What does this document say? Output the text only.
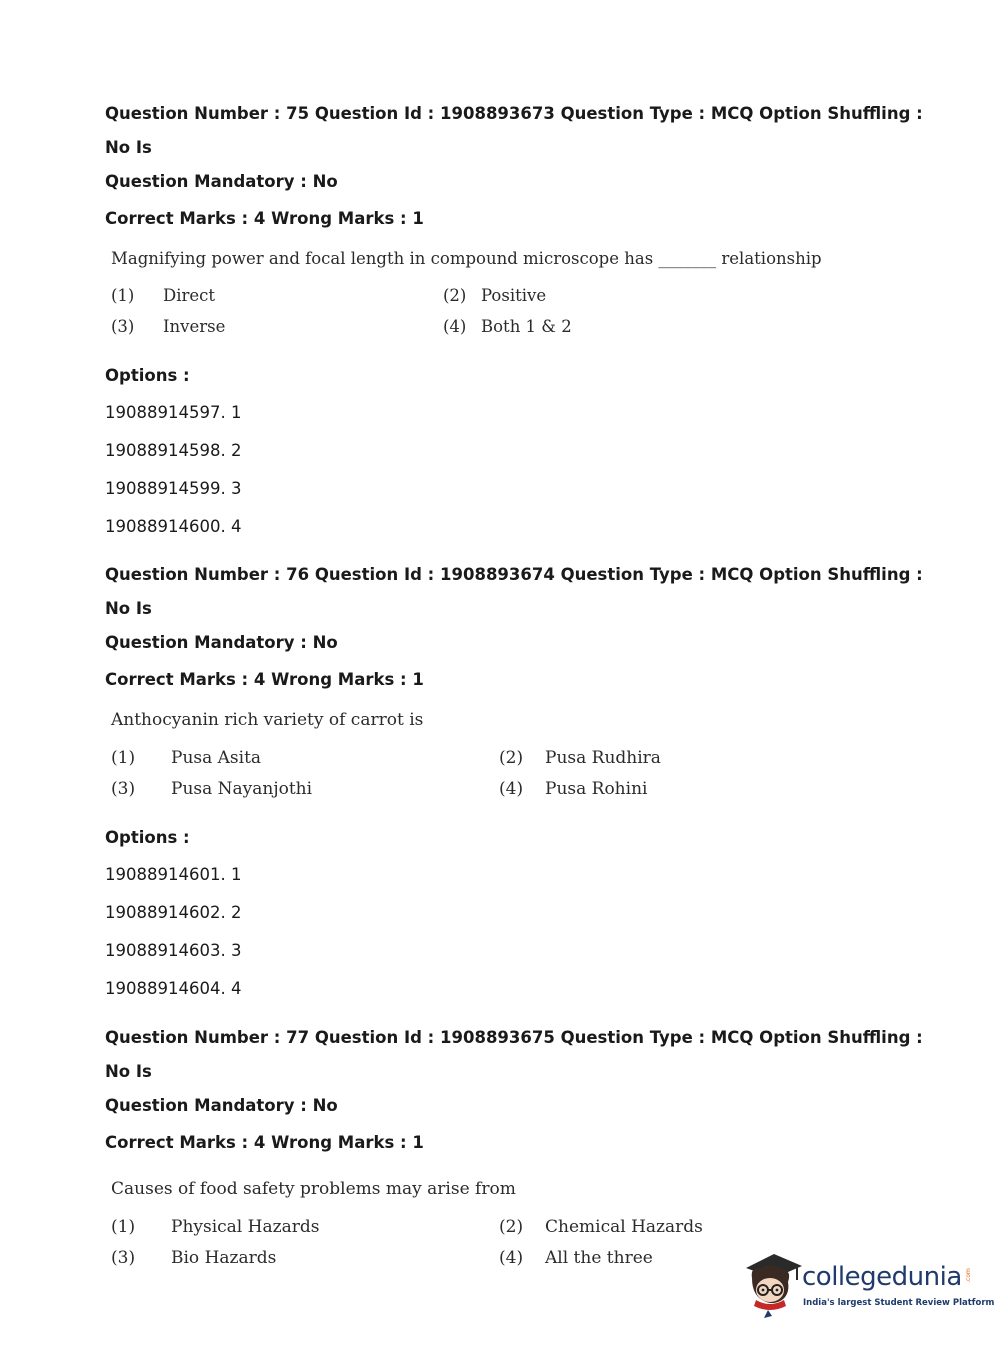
Question Number : 75 Question Id : 1908893673 Question Type : MCQ Option Shuffling : No Is
Question Mandatory : No
Correct Marks : 4 Wrong Marks : 1
Magnifying power and focal length in compound microscope has _______ relationship
(1) Direct	(2) Positive
(3) Inverse	(4) Both 1 & 2
Options :
19088914597. 1
19088914598. 2
19088914599. 3
19088914600. 4
Question Number : 76 Question Id : 1908893674 Question Type : MCQ Option Shuffling : No Is
Question Mandatory : No
Correct Marks : 4 Wrong Marks : 1
Anthocyanin rich variety of carrot is
(1) Pusa Asita	(2) Pusa Rudhira
(3) Pusa Nayanjothi	(4) Pusa Rohini
Options :
19088914601. 1
19088914602. 2
19088914603. 3
19088914604. 4
Question Number : 77 Question Id : 1908893675 Question Type : MCQ Option Shuffling : No Is
Question Mandatory : No
Correct Marks : 4 Wrong Marks : 1
Causes of food safety problems may arise from
(1) Physical Hazards	(2) Chemical Hazards
(3) Bio Hazards	(4) All the three
collegedunia .com
India's largest Student Review Platform
